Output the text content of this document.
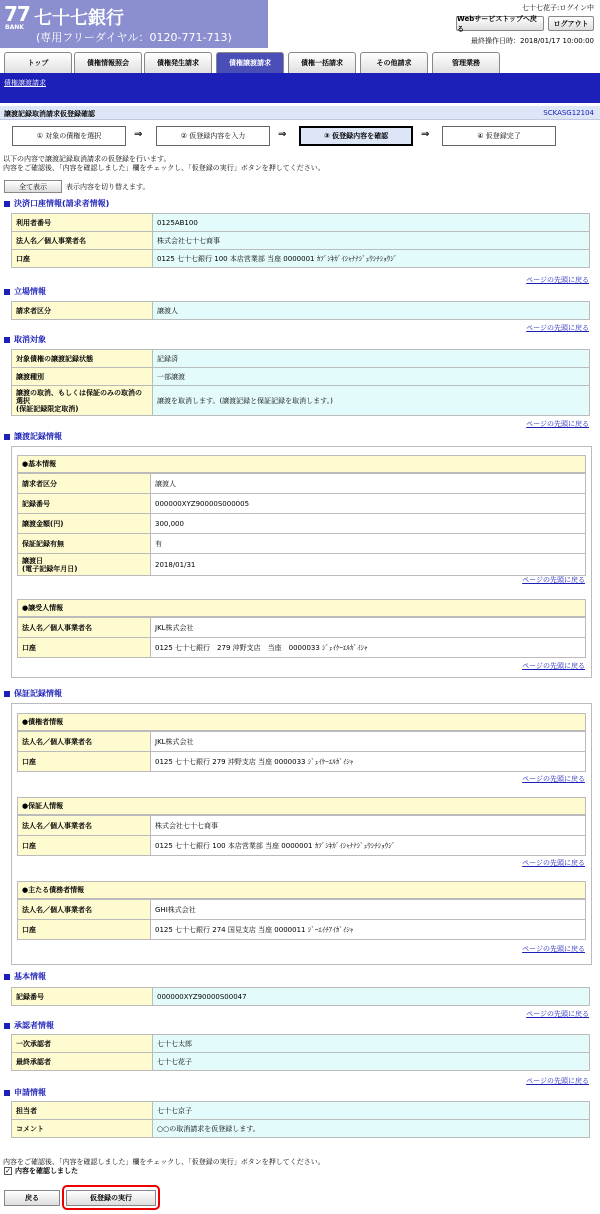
77
BANK 七十七銀行
(専用フリーダイヤル：0120-771-713)
七十七花子:ログイン中
Webサービストップへ戻る
ログアウト
最終操作日時：2018/01/17 10:00:00
トップ	債権情報照会	債権発生請求	債権譲渡請求	債権一括請求	その他請求	管理業務
債権譲渡請求
譲渡記録取消請求仮登録確認	SCKASG12104
① 対象の債権を選択	⇒	② 仮登録内容を入力	⇒	③ 仮登録内容を確認	⇒	④ 仮登録完了
以下の内容で譲渡記録取消請求の仮登録を行います。
内容をご確認後、「内容を確認しました」欄をチェックし、「仮登録の実行」ボタンを押してください。
全て表示	表示内容を切り替えます。
決済口座情報(請求者情報)
利用者番号	0125AB100
法人名／個人事業者名	株式会社七十七商事
口座	0125 七十七銀行 100 本店営業部 当座 0000001 ｶﾌﾞｼｷｶﾞｲｼｬﾅﾅｼﾞｭｳｼﾁｼｮｳｼﾞ
ページの先頭に戻る
立場情報
請求者区分	譲渡人
ページの先頭に戻る
取消対象
対象債権の譲渡記録状態	記録済
譲渡種別	一部譲渡
譲渡の取消、もしくは保証のみの取消の選択
(保証記録限定取消)	譲渡を取消します。(譲渡記録と保証記録を取消します。)
ページの先頭に戻る
譲渡記録情報
●基本情報
請求者区分	譲渡人
記録番号	000000XYZ90000S000005
譲渡金額(円)	300,000
保証記録有無	有
譲渡日
(電子記録年月日)	2018/01/31
ページの先頭に戻る
●譲受人情報
法人名／個人事業者名	JKL株式会社
口座	0125 七十七銀行　279 沖野支店　当座　0000033 ｼﾞｪｲｹｰｴﾙｶﾞｲｼｬ
ページの先頭に戻る
保証記録情報
●債権者情報
法人名／個人事業者名	JKL株式会社
口座	0125 七十七銀行 279 沖野支店 当座 0000033 ｼﾞｪｲｹｰｴﾙｶﾞｲｼｬ
ページの先頭に戻る
●保証人情報
法人名／個人事業者名	株式会社七十七商事
口座	0125 七十七銀行 100 本店営業部 当座 0000001 ｶﾌﾞｼｷｶﾞｲｼｬﾅﾅｼﾞｭｳｼﾁｼｮｳｼﾞ
ページの先頭に戻る
●主たる債務者情報
法人名／個人事業者名	GHI株式会社
口座	0125 七十七銀行 274 国見支店 当座 0000011 ｼﾞｰｴｲﾁｱｲｶﾞｲｼｬ
ページの先頭に戻る
基本情報
記録番号	000000XYZ90000S00047
ページの先頭に戻る
承認者情報
一次承認者	七十七太郎
最終承認者	七十七花子
ページの先頭に戻る
申請情報
担当者	七十七京子
コメント	○○の取消請求を仮登録します。
内容をご確認後、「内容を確認しました」欄をチェックし、「仮登録の実行」ボタンを押してください。
✓ 内容を確認しました
戻る	仮登録の実行
